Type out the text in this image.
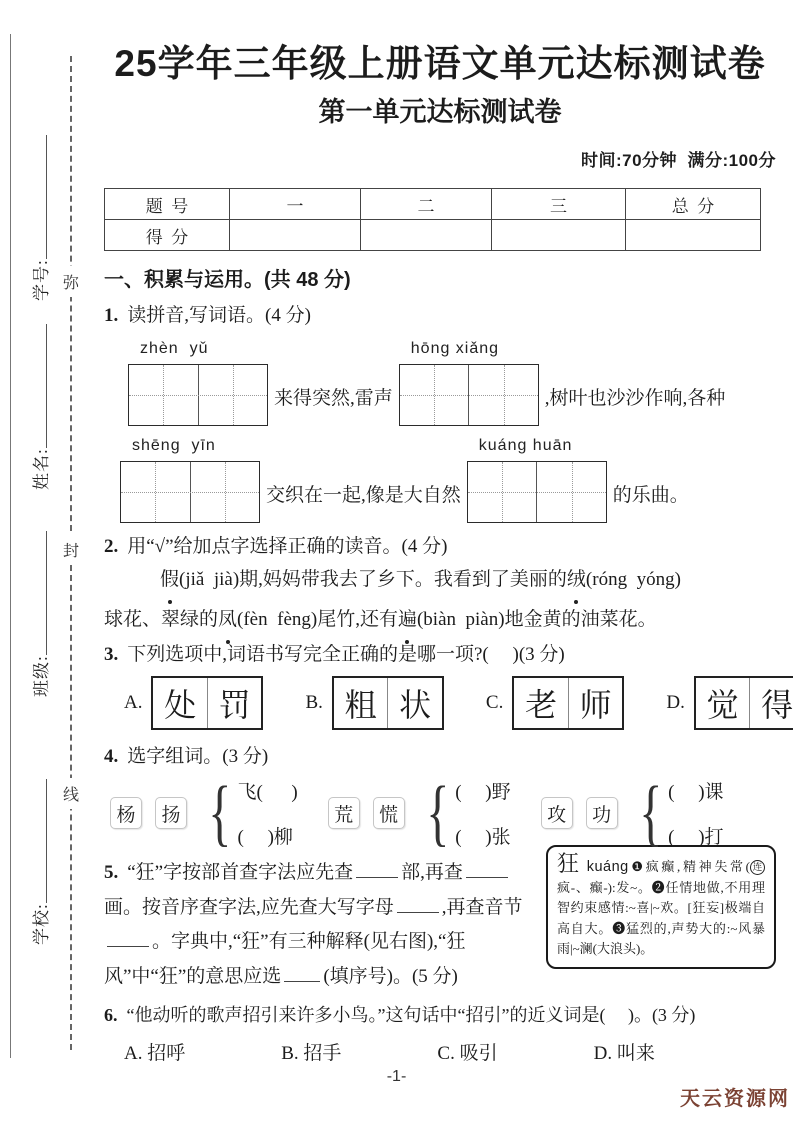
弥
封
线
学号:
姓名:
班级:
学校:
25学年三年级上册语文单元达标测试卷
第一单元达标测试卷
时间:70分钟  满分:100分
题  号	一	二	三	总  分
得  分				
一、积累与运用。(共 48 分)
1. 读拼音,写词语。(4 分)
zhèn  yǔ
来得突然,雷声
hōng xiǎng
,树叶也沙沙作响,各种
shēng  yīn
交织在一起,像是大自然
kuáng huān
的乐曲。
2. 用“√”给加点字选择正确的读音。(4 分)
假(jiǎ  jià)期,妈妈带我去了乡下。我看到了美丽的绒(róng  yóng)
球花、翠绿的凤(fèn  fèng)尾竹,还有遍(biàn  piàn)地金黄的油菜花。
3. 下列选项中,词语书写完全正确的是哪一项?(     )(3 分)
A. 处 罚	B. 粗 状	C. 老 师	D. 觉 得
4. 选字组词。(3 分)
杨	扬 { 飞(      )
(     )柳
荒	慌 { (     )野
(     )张
攻	功 { (     )课
(     )打
5. “狂”字按部首查字法应先查	部,再查画。按音序查字法,应先查大写字母	,再查音节。字典中,“狂”有三种解释(见右图),“狂风”中“狂”的意思应选 (填序号)。(5 分)
狂kuáng❶疯癫,精神失常( 连疯-、癫-):发~。❷任情地做,不用理智约束感情:~喜|~欢。[狂妄]极端自高自大。❸猛烈的,声势大的:~风暴雨|~澜(大浪头)。
6. “他动听的歌声招引来许多小鸟。”这句话中“招引”的近义词是(     )。(3 分)
A. 招呼	B. 招手	C. 吸引	D. 叫来
-1-
天云资源网
